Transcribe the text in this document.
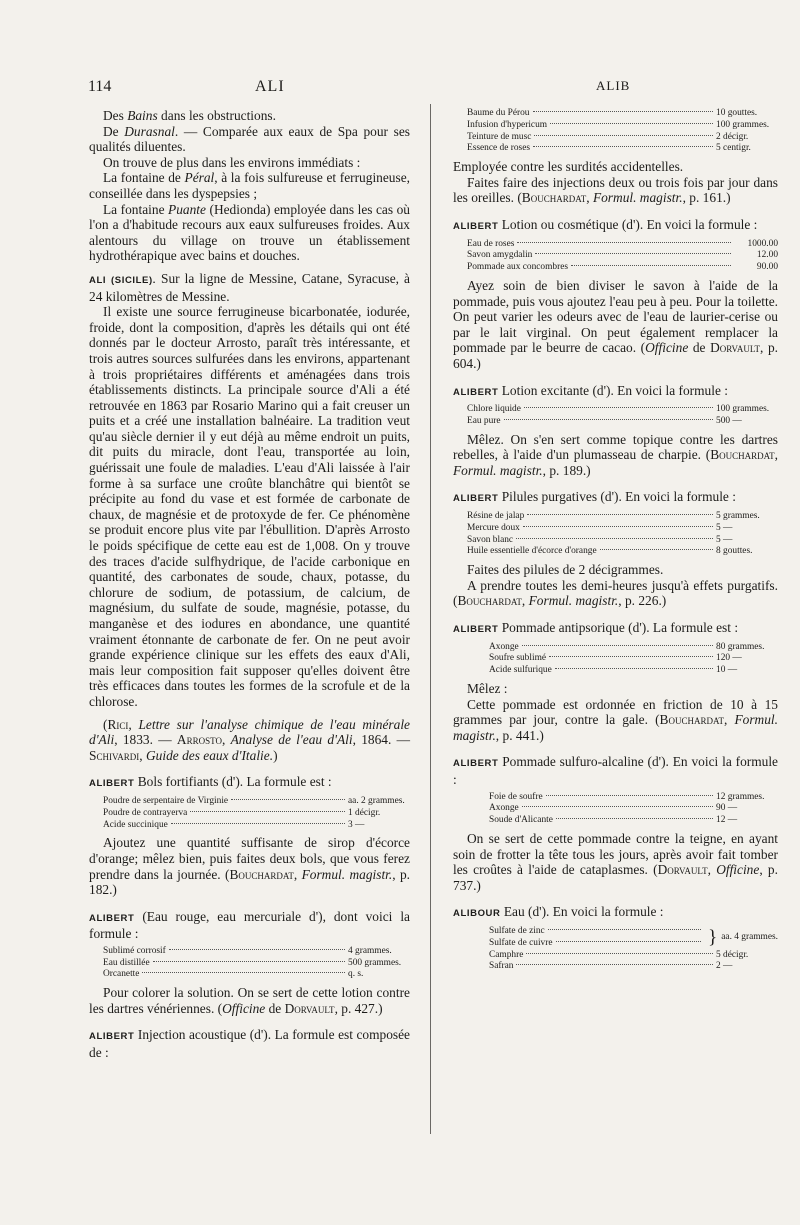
114	ALI	ALIB

Des Bains dans les obstructions.

De Durasnal. — Comparée aux eaux de Spa pour ses qualités diluentes.

On trouve de plus dans les environs immédiats :

La fontaine de Péral, à la fois sulfureuse et ferrugineuse, conseillée dans les dyspepsies ;

La fontaine Puante (Hedionda) employée dans les cas où l'on a d'habitude recours aux eaux sulfureuses froides. Aux alentours du village on trouve un établissement hydrothérapique avec bains et douches.

ALI (SICILE). Sur la ligne de Messine, Catane, Syracuse, à 24 kilomètres de Messine.

Il existe une source ferrugineuse bicarbonatée, iodurée, froide, dont la composition, d'après les détails qui ont été donnés par le docteur Arrosto, paraît très intéressante, et trois autres sources sulfurées dans les environs, appartenant à trois propriétaires différents et aménagées dans trois établissements distincts. La principale source d'Ali a été retrouvée en 1863 par Rosario Marino qui a fait creuser un puits et a créé une installation balnéaire. La tradition veut qu'au siècle dernier il y eut déjà au même endroit un puits, dit puits du miracle, dont l'eau, transportée au loin, guérissait une foule de maladies. L'eau d'Ali laissée à l'air forme à sa surface une croûte blanchâtre qui bientôt se précipite au fond du vase et est formée de carbonate de chaux, de magnésie et de protoxyde de fer. Ce phénomène se produit encore plus vite par l'ébullition. D'après Arrosto le poids spécifique de cette eau est de 1,008. On y trouve des traces d'acide sulfhydrique, de l'acide carbonique en quantité, des carbonates de soude, chaux, potasse, du chlorure de sodium, de potassium, de calcium, de magnésium, du sulfate de soude, magnésie, potasse, du manganèse et des iodures en abondance, une quantité vraiment étonnante de carbonate de fer. On ne peut avoir grande expérience clinique sur les effets des eaux d'Ali, mais leur composition fait supposer qu'elles doivent être très efficaces dans toutes les formes de la scrofule et de la chlorose.

(Rici, Lettre sur l'analyse chimique de l'eau minérale d'Ali, 1833. — Arrosto, Analyse de l'eau d'Ali, 1864. — Schivardi, Guide des eaux d'Italie.)

ALIBERT Bols fortifiants (d'). La formule est :

Poudre de serpentaire de Virginie	aa. 2 grammes.
Poudre de contrayerva	1 décigr.
Acide succinique	3 —

Ajoutez une quantité suffisante de sirop d'écorce d'orange; mêlez bien, puis faites deux bols, que vous ferez prendre dans la journée. (Bouchardat, Formul. magistr., p. 182.)

ALIBERT (Eau rouge, eau mercuriale d'), dont voici la formule :

Sublimé corrosif	4 grammes.
Eau distillée	500 grammes.
Orcanette	q. s.

Pour colorer la solution. On se sert de cette lotion contre les dartres vénériennes. (Officine de Dorvault, p. 427.)

ALIBERT Injection acoustique (d'). La formule est composée de :

Baume du Pérou	10 gouttes.
Infusion d'hypericum	100 grammes.
Teinture de musc	2 décigr.
Essence de roses	5 centigr.

Employée contre les surdités accidentelles.

Faites faire des injections deux ou trois fois par jour dans les oreilles. (Bouchardat, Formul. magistr., p. 161.)

ALIBERT Lotion ou cosmétique (d'). En voici la formule :

Eau de roses	1000.00
Savon amygdalin	12.00
Pommade aux concombres	90.00

Ayez soin de bien diviser le savon à l'aide de la pommade, puis vous ajoutez l'eau peu à peu. Pour la toilette. On peut varier les odeurs avec de l'eau de laurier-cerise ou par le lait virginal. On peut également remplacer la pommade par le beurre de cacao. (Officine de Dorvault, p. 604.)

ALIBERT Lotion excitante (d'). En voici la formule :

Chlore liquide	100 grammes.
Eau pure	500 —

Mêlez. On s'en sert comme topique contre les dartres rebelles, à l'aide d'un plumasseau de charpie. (Bouchardat, Formul. magistr., p. 189.)

ALIBERT Pilules purgatives (d'). En voici la formule :

Résine de jalap	5 grammes.
Mercure doux	5 —
Savon blanc	5 —
Huile essentielle d'écorce d'orange	8 gouttes.

Faites des pilules de 2 décigrammes.

A prendre toutes les demi-heures jusqu'à effets purgatifs. (Bouchardat, Formul. magistr., p. 226.)

ALIBERT Pommade antipsorique (d'). La formule est :

Axonge	80 grammes.
Soufre sublimé	120 —
Acide sulfurique	10 —

Mêlez :

Cette pommade est ordonnée en friction de 10 à 15 grammes par jour, contre la gale. (Bouchardat, Formul. magistr., p. 441.)

ALIBERT Pommade sulfuro-alcaline (d'). En voici la formule :

Foie de soufre	12 grammes.
Axonge	90 —
Soude d'Alicante	12 —

On se sert de cette pommade contre la teigne, en ayant soin de frotter la tête tous les jours, après avoir fait tomber les croûtes à l'aide de cataplasmes. (Dorvault, Officine, p. 737.)

ALIBOUR Eau (d'). En voici la formule :

Sulfate de zinc
Sulfate de cuivre	} aa. 4 grammes.
Camphre	5 décigr.
Safran	2 —
